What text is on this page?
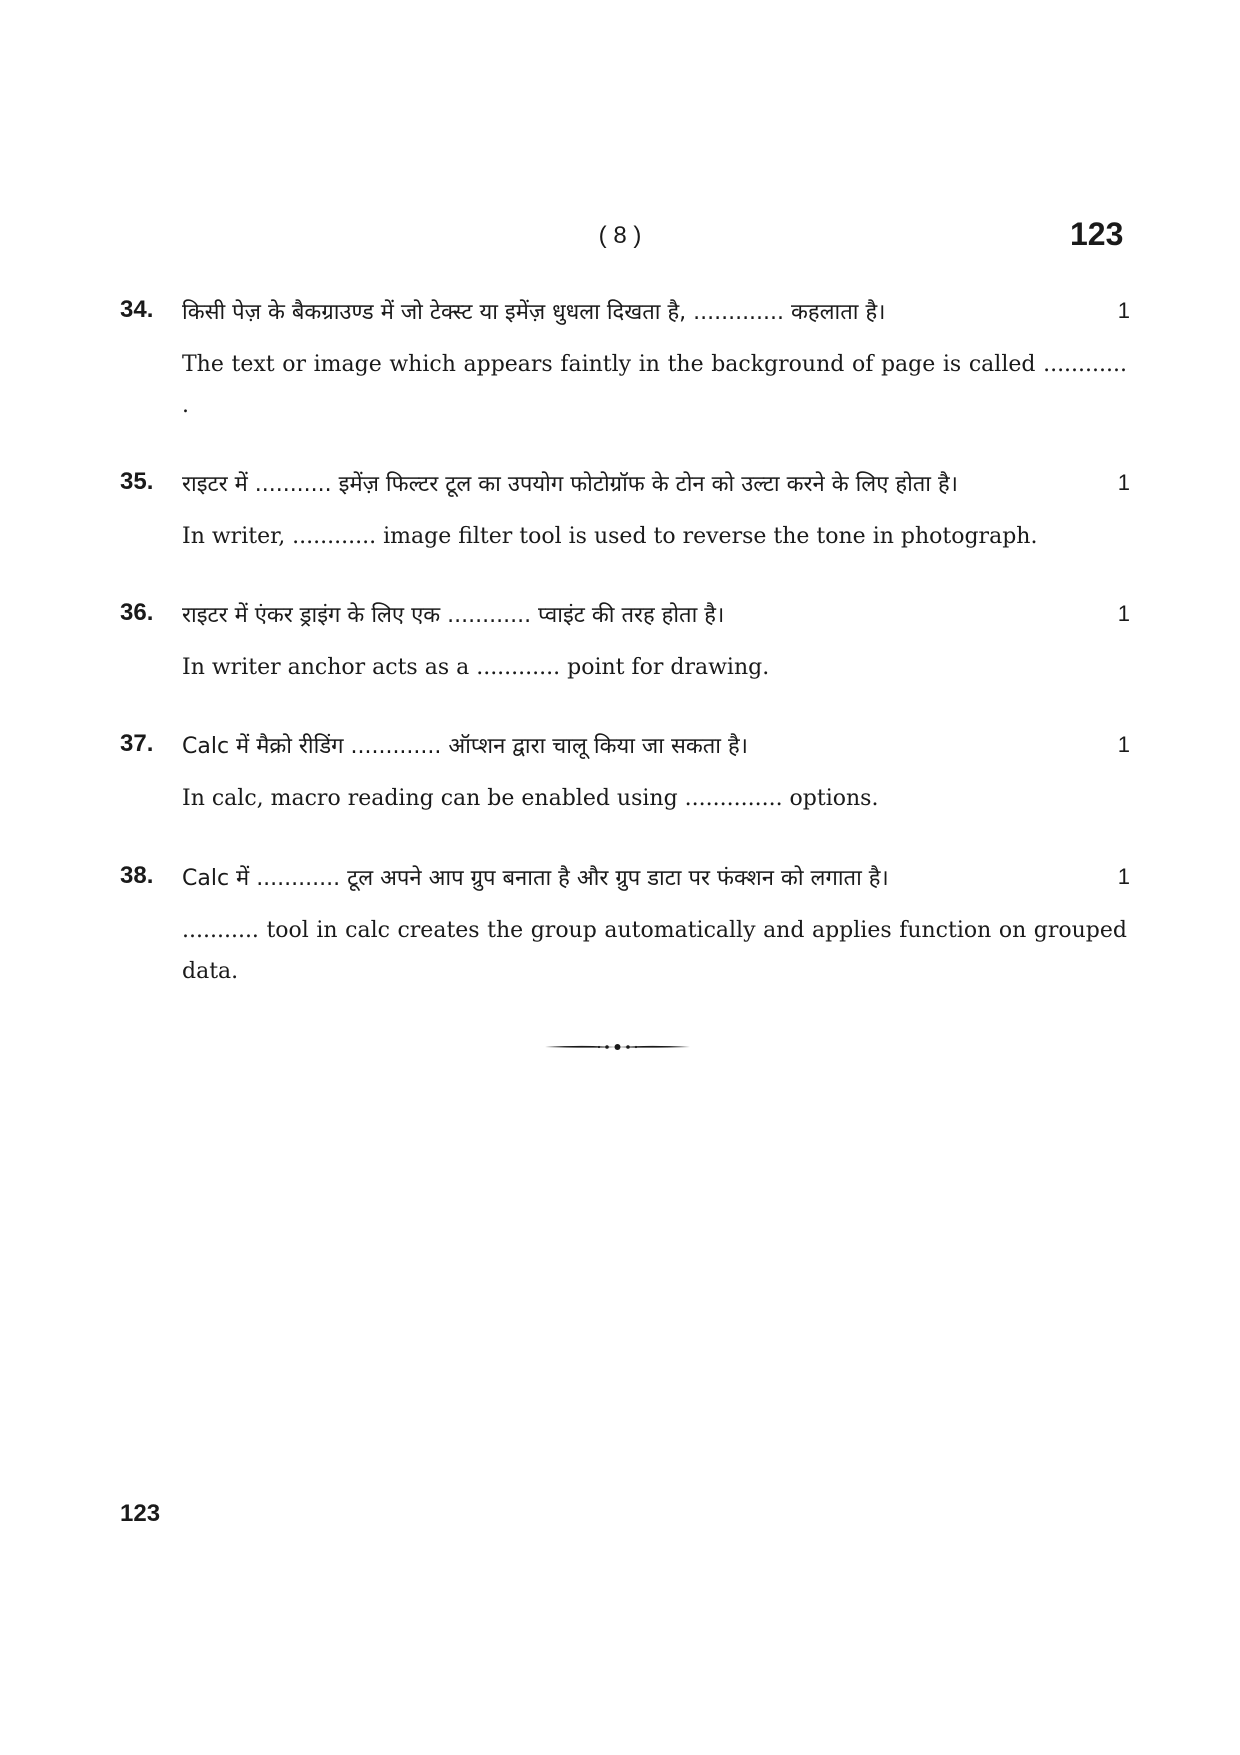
( 8 )	123
34. किसी पेज़ के बैकग्राउण्ड में जो टेक्स्ट या इमेंज़ धुधला दिखता है, ............. कहलाता है।	1
The text or image which appears faintly in the background of page is called ............ .
35. राइटर में ........... इमेंज़ फिल्टर टूल का उपयोग फोटोग्रॉफ के टोन को उल्टा करने के लिए होता है।	1
In writer, ............ image filter tool is used to reverse the tone in photograph.
36. राइटर में एंकर ड्राइंग के लिए एक ............ प्वाइंट की तरह होता है।	1
In writer anchor acts as a ............ point for drawing.
37. Calc में मैक्रो रीडिंग ............. ऑप्शन द्वारा चालू किया जा सकता है।	1
In calc, macro reading can be enabled using .............. options.
38. Calc में ............ टूल अपने आप ग्रुप बनाता है और ग्रुप डाटा पर फंक्शन को लगाता है।	1
........... tool in calc creates the group automatically and applies function on grouped data.
123
